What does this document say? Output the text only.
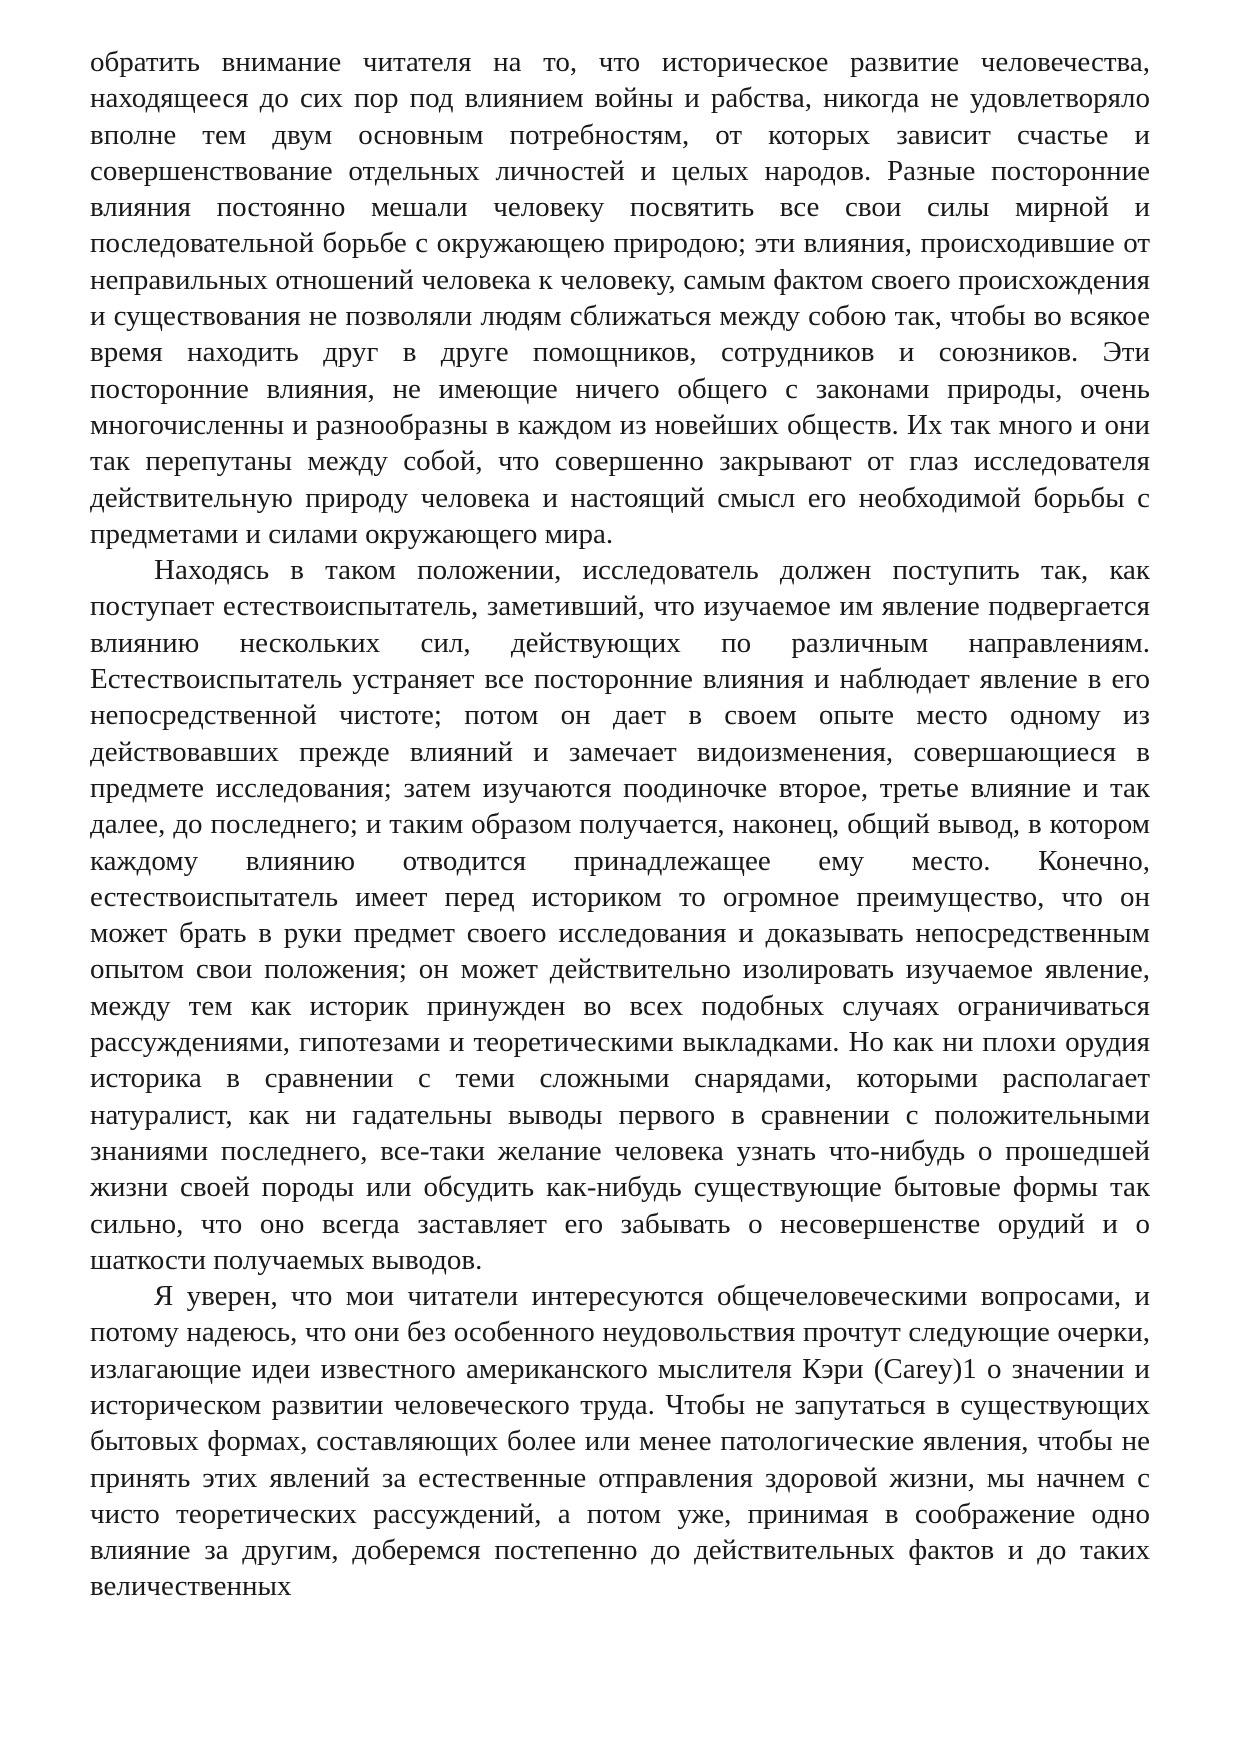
обратить внимание читателя на то, что историческое развитие человечества, находящееся до сих пор под влиянием войны и рабства, никогда не удовлетворяло вполне тем двум основным потребностям, от которых зависит счастье и совершенствование отдельных личностей и целых народов. Разные посторонние влияния постоянно мешали человеку посвятить все свои силы мирной и последовательной борьбе с окружающею природою; эти влияния, происходившие от неправильных отношений человека к человеку, самым фактом своего происхождения и существования не позволяли людям сближаться между собою так, чтобы во всякое время находить друг в друге помощников, сотрудников и союзников. Эти посторонние влияния, не имеющие ничего общего с законами природы, очень многочисленны и разнообразны в каждом из новейших обществ. Их так много и они так перепутаны между собой, что совершенно закрывают от глаз исследователя действительную природу человека и настоящий смысл его необходимой борьбы с предметами и силами окружающего мира.

Находясь в таком положении, исследователь должен поступить так, как поступает естествоиспытатель, заметивший, что изучаемое им явление подвергается влиянию нескольких сил, действующих по различным направлениям. Естествоиспытатель устраняет все посторонние влияния и наблюдает явление в его непосредственной чистоте; потом он дает в своем опыте место одному из действовавших прежде влияний и замечает видоизменения, совершающиеся в предмете исследования; затем изучаются поодиночке второе, третье влияние и так далее, до последнего; и таким образом получается, наконец, общий вывод, в котором каждому влиянию отводится принадлежащее ему место. Конечно, естествоиспытатель имеет перед историком то огромное преимущество, что он может брать в руки предмет своего исследования и доказывать непосредственным опытом свои положения; он может действительно изолировать изучаемое явление, между тем как историк принужден во всех подобных случаях ограничиваться рассуждениями, гипотезами и теоретическими выкладками. Но как ни плохи орудия историка в сравнении с теми сложными снарядами, которыми располагает натуралист, как ни гадательны выводы первого в сравнении с положительными знаниями последнего, все-таки желание человека узнать что-нибудь о прошедшей жизни своей породы или обсудить как-нибудь существующие бытовые формы так сильно, что оно всегда заставляет его забывать о несовершенстве орудий и о шаткости получаемых выводов.

Я уверен, что мои читатели интересуются общечеловеческими вопросами, и потому надеюсь, что они без особенного неудовольствия прочтут следующие очерки, излагающие идеи известного американского мыслителя Кэри (Carey)1 о значении и историческом развитии человеческого труда. Чтобы не запутаться в существующих бытовых формах, составляющих более или менее патологические явления, чтобы не принять этих явлений за естественные отправления здоровой жизни, мы начнем с чисто теоретических рассуждений, а потом уже, принимая в соображение одно влияние за другим, доберемся постепенно до действительных фактов и до таких величественных
